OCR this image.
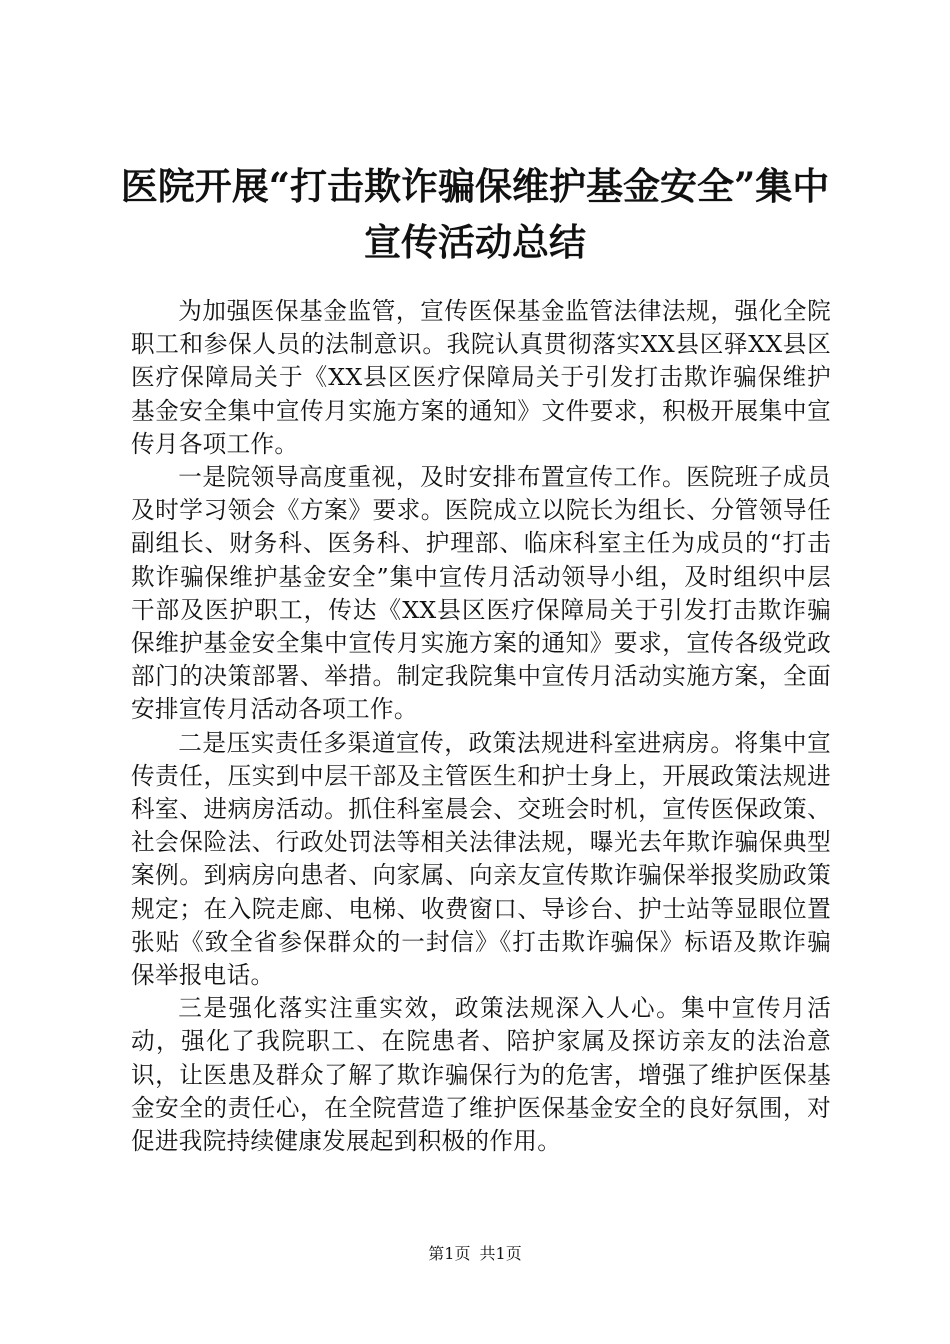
医院开展“打击欺诈骗保维护基金安全”集中
宣传活动总结

为加强医保基金监管，宣传医保基金监管法律法规，强化全院职工和参保人员的法制意识。我院认真贯彻落实XX县区驿XX县区医疗保障局关于《XX县区医疗保障局关于引发打击欺诈骗保维护基金安全集中宣传月实施方案的通知》文件要求，积极开展集中宣传月各项工作。

一是院领导高度重视，及时安排布置宣传工作。医院班子成员及时学习领会《方案》要求。医院成立以院长为组长、分管领导任副组长、财务科、医务科、护理部、临床科室主任为成员的“打击欺诈骗保维护基金安全”集中宣传月活动领导小组，及时组织中层干部及医护职工，传达《XX县区医疗保障局关于引发打击欺诈骗保维护基金安全集中宣传月实施方案的通知》要求，宣传各级党政部门的决策部署、举措。制定我院集中宣传月活动实施方案，全面安排宣传月活动各项工作。

二是压实责任多渠道宣传，政策法规进科室进病房。将集中宣传责任，压实到中层干部及主管医生和护士身上，开展政策法规进科室、进病房活动。抓住科室晨会、交班会时机，宣传医保政策、社会保险法、行政处罚法等相关法律法规，曝光去年欺诈骗保典型案例。到病房向患者、向家属、向亲友宣传欺诈骗保举报奖励政策规定；在入院走廊、电梯、收费窗口、导诊台、护士站等显眼位置张贴《致全省参保群众的一封信》《打击欺诈骗保》标语及欺诈骗保举报电话。

三是强化落实注重实效，政策法规深入人心。集中宣传月活动，强化了我院职工、在院患者、陪护家属及探访亲友的法治意识，让医患及群众了解了欺诈骗保行为的危害，增强了维护医保基金安全的责任心，在全院营造了维护医保基金安全的良好氛围，对促进我院持续健康发展起到积极的作用。

第1页 共1页
